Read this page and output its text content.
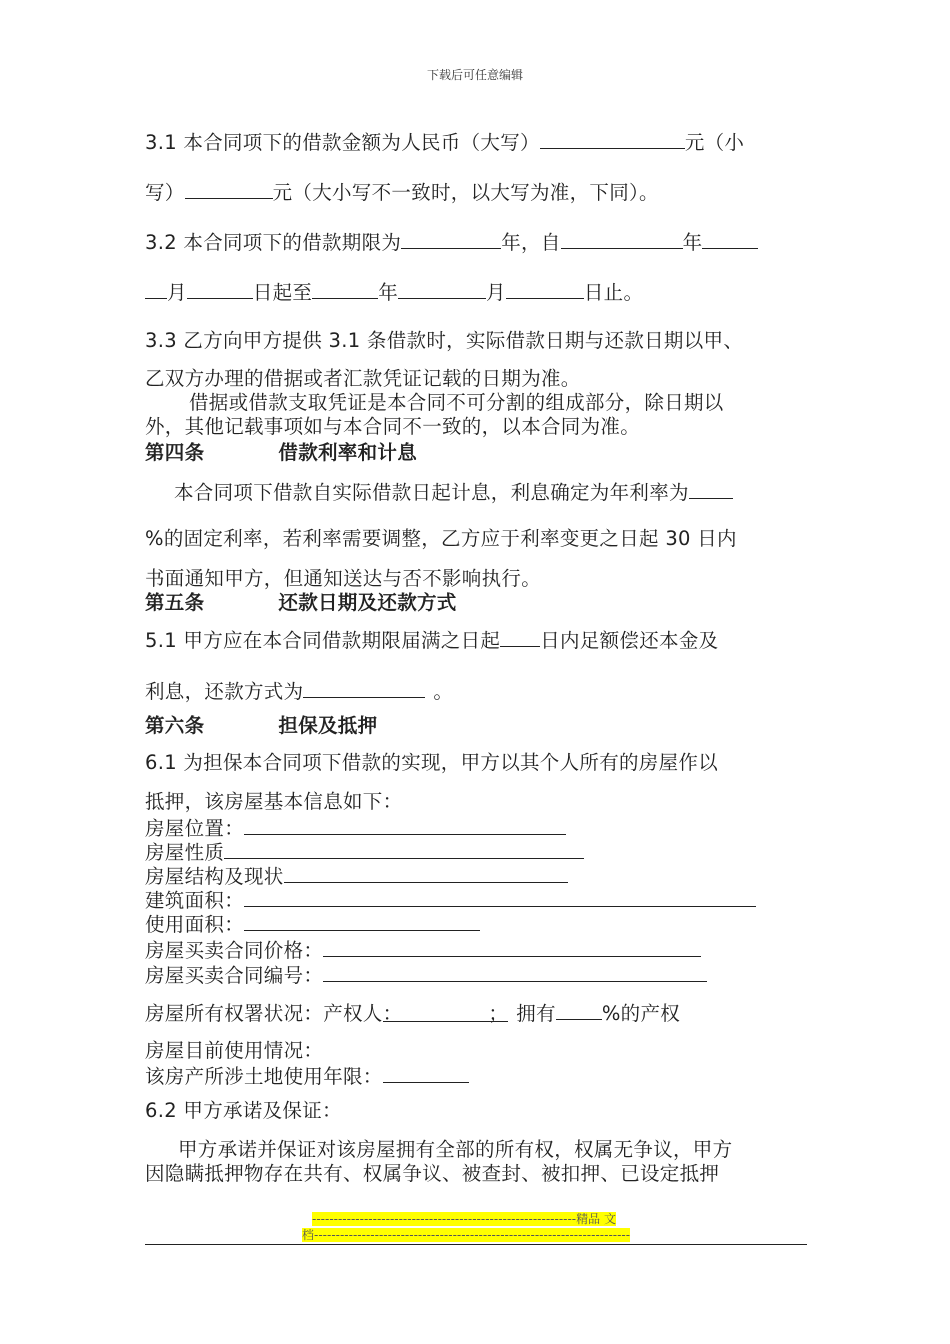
下载后可任意编辑
3.1 本合同项下的借款金额为人民币（大写）	元（小
写）	元（大小写不一致时，以大写为准，下同）。
3.2 本合同项下的借款期限为	年，自	年
月	日起至	年	月	日止。
3.3 乙方向甲方提供 3.1 条借款时，实际借款日期与还款日期以甲、
乙双方办理的借据或者汇款凭证记载的日期为准。
借据或借款支取凭证是本合同不可分割的组成部分，除日期以
外，其他记载事项如与本合同不一致的，以本合同为准。
第四条	借款利率和计息
本合同项下借款自实际借款日起计息，利息确定为年利率为
%的固定利率，若利率需要调整，乙方应于利率变更之日起 30 日内
书面通知甲方，但通知送达与否不影响执行。
第五条	还款日期及还款方式
5.1 甲方应在本合同借款期限届满之日起 日内足额偿还本金及
利息，还款方式为	。
第六条	担保及抵押
6.1 为担保本合同项下借款的实现，甲方以其个人所有的房屋作以
抵押，该房屋基本信息如下：
房屋位置：
房屋性质
房屋结构及现状
建筑面积：
使用面积：
房屋买卖合同价格：
房屋买卖合同编号：
房屋所有权署状况：产权人：	； 拥有 %的产权
房屋目前使用情况：
该房产所涉土地使用年限：
6.2 甲方承诺及保证：
甲方承诺并保证对该房屋拥有全部的所有权，权属无争议，甲方
因隐瞒抵押物存在共有、权属争议、被查封、被扣押、已设定抵押
-------------------------------------------------------------精品 文
档-------------------------------------------------------------------------
